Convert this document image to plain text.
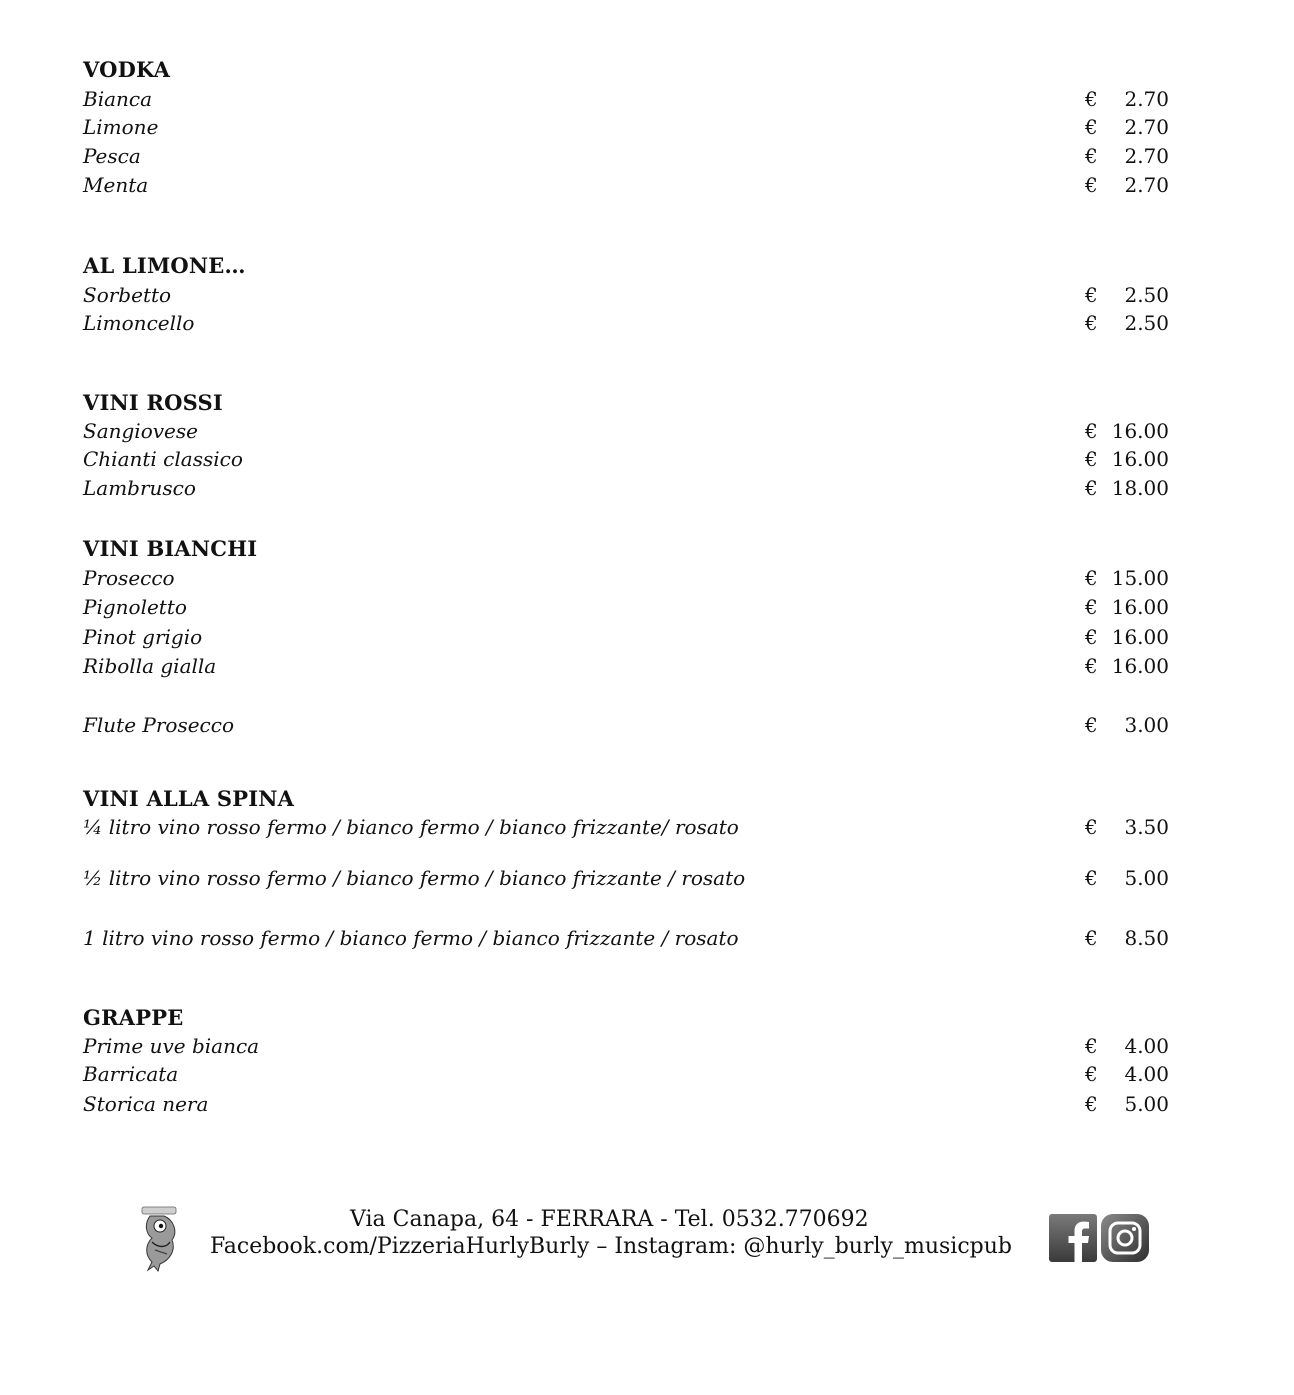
VODKA
Bianca	€ 2.70
Limone	€ 2.70
Pesca	€ 2.70
Menta	€ 2.70
AL LIMONE…
Sorbetto	€ 2.50
Limoncello	€ 2.50
VINI ROSSI
Sangiovese	€ 16.00
Chianti classico	€ 16.00
Lambrusco	€ 18.00
VINI BIANCHI
Prosecco	€ 15.00
Pignoletto	€ 16.00
Pinot grigio	€ 16.00
Ribolla gialla	€ 16.00
Flute Prosecco	€ 3.00
VINI ALLA SPINA
¼ litro vino rosso fermo / bianco fermo / bianco frizzante/ rosato	€ 3.50
½ litro vino rosso fermo / bianco fermo / bianco frizzante / rosato	€ 5.00
1 litro vino rosso fermo / bianco fermo / bianco frizzante / rosato	€ 8.50
GRAPPE
Prime uve bianca	€ 4.00
Barricata	€ 4.00
Storica nera	€ 5.00
Via Canapa, 64 - FERRARA - Tel. 0532.770692
Facebook.com/PizzeriaHurlyBurly – Instagram: @hurly_burly_musicpub
